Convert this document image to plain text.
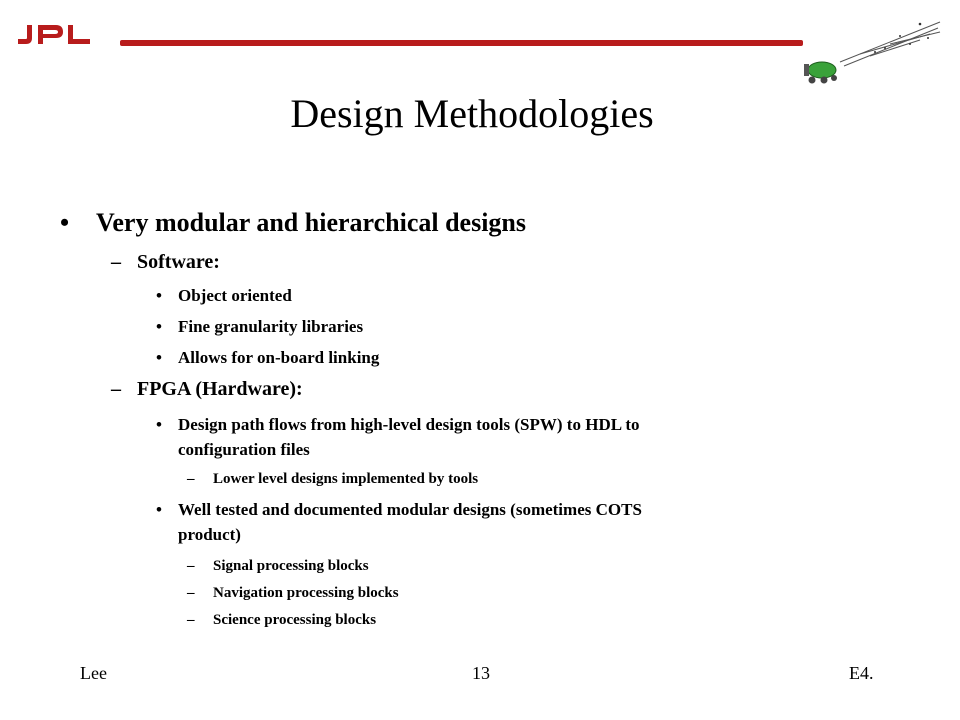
Design Methodologies
• Very modular and hierarchical designs
– Software:
• Object oriented
• Fine granularity libraries
• Allows for on-board linking
– FPGA (Hardware):
• Design path flows from high-level design tools (SPW) to HDL to
configuration files
– Lower level designs implemented by tools
• Well tested and documented modular designs (sometimes COTS
product)
– Signal processing blocks
– Navigation processing blocks
– Science processing blocks
Lee	13	E4.
